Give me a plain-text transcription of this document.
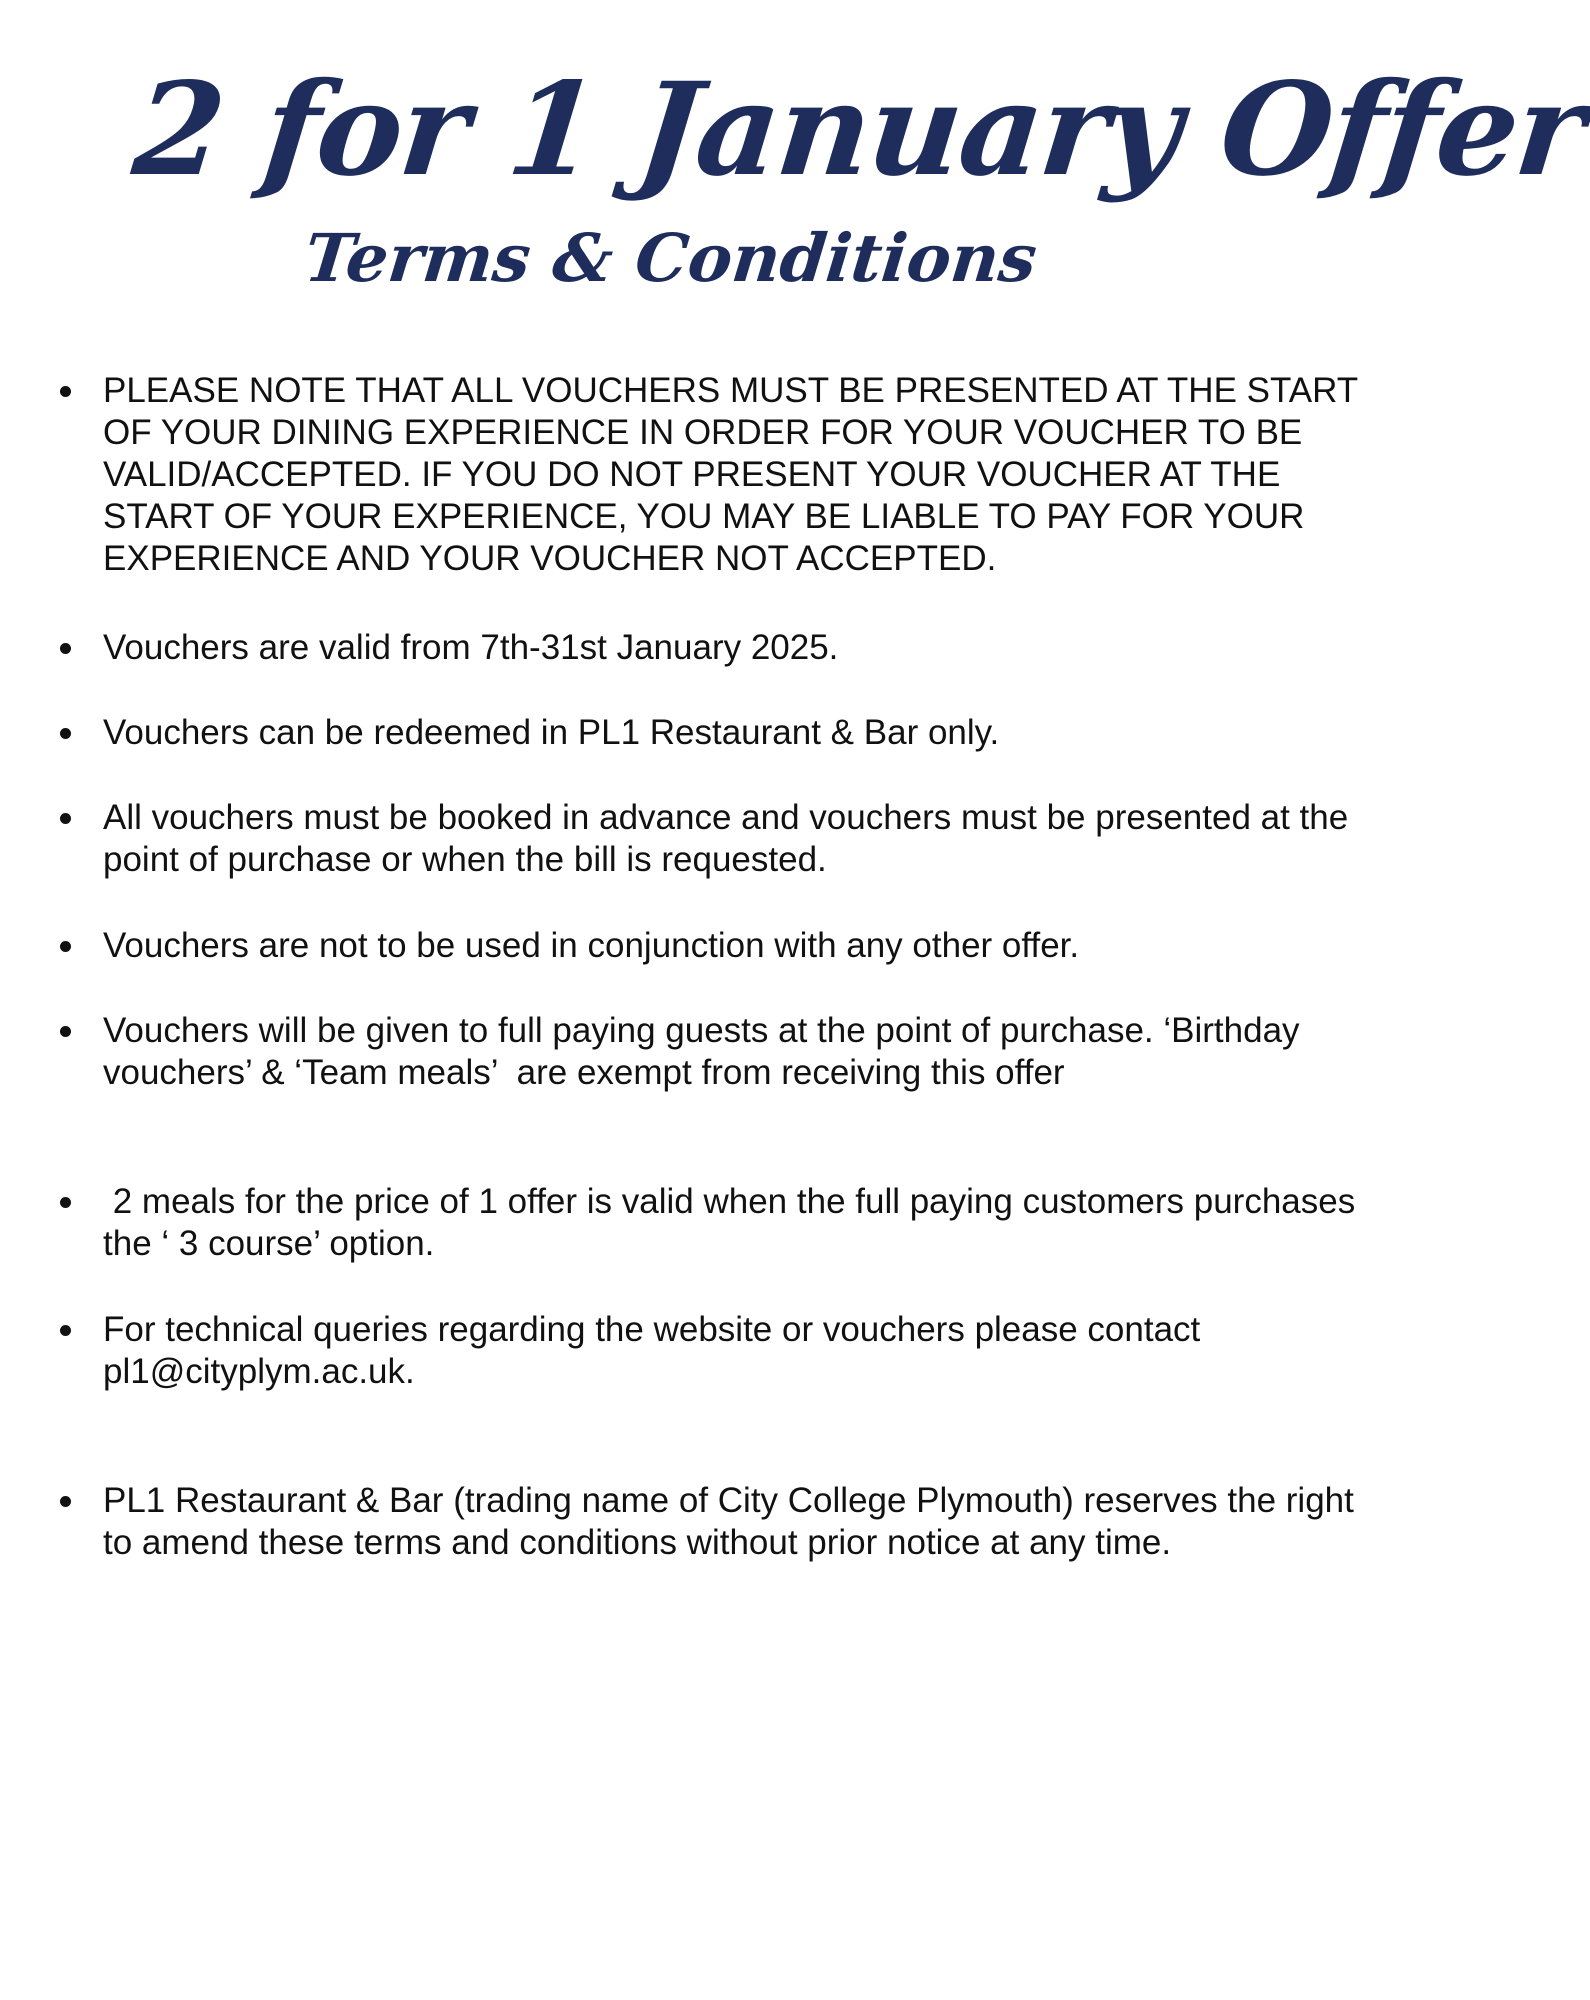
2 for 1 January Offer
Terms & Conditions
PLEASE NOTE THAT ALL VOUCHERS MUST BE PRESENTED AT THE START OF YOUR DINING EXPERIENCE IN ORDER FOR YOUR VOUCHER TO BE VALID/ACCEPTED. IF YOU DO NOT PRESENT YOUR VOUCHER AT THE START OF YOUR EXPERIENCE, YOU MAY BE LIABLE TO PAY FOR YOUR EXPERIENCE AND YOUR VOUCHER NOT ACCEPTED.
Vouchers are valid from 7th-31st January 2025.
Vouchers can be redeemed in PL1 Restaurant & Bar only.
All vouchers must be booked in advance and vouchers must be presented at the point of purchase or when the bill is requested.
Vouchers are not to be used in conjunction with any other offer.
Vouchers will be given to full paying guests at the point of purchase. ‘Birthday vouchers’ & ‘Team meals’  are exempt from receiving this offer
2 meals for the price of 1 offer is valid when the full paying customers purchases the ‘ 3 course’ option.
For technical queries regarding the website or vouchers please contact pl1@cityplym.ac.uk.
PL1 Restaurant & Bar (trading name of City College Plymouth) reserves the right to amend these terms and conditions without prior notice at any time.
